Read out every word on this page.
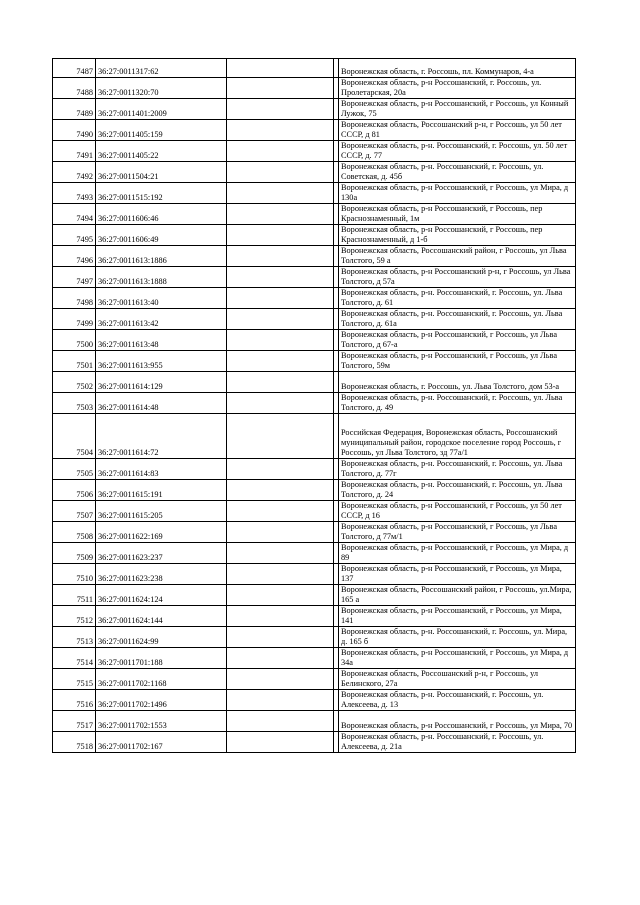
7487	36:27:0011317:62			Воронежская область, г. Россошь, пл. Коммунаров, 4-а
7488	36:27:0011320:70			Воронежская область, р-н Россошанский, г. Россошь, ул. Пролетарская, 20а
7489	36:27:0011401:2009			Воронежская область, р-н Россошанский, г Россошь, ул Конный Лужок, 75
7490	36:27:0011405:159			Воронежская область, Россошанский р-н, г Россошь, ул 50 лет СССР, д 81
7491	36:27:0011405:22			Воронежская область, р-н. Россошанский, г. Россошь, ул. 50 лет СССР, д. 77
7492	36:27:0011504:21			Воронежская область, р-н. Россошанский, г. Россошь, ул. Советская, д. 45б
7493	36:27:0011515:192			Воронежская область, р-н Россошанский, г Россошь, ул Мира, д 130а
7494	36:27:0011606:46			Воронежская область, р-н Россошанский, г Россошь, пер Краснознаменный, 1м
7495	36:27:0011606:49			Воронежская область, р-н Россошанский, г Россошь, пер Краснознаменный, д 1-б
7496	36:27:0011613:1886			Воронежская область, Россошанский район, г Россошь, ул Льва Толстого, 59 а
7497	36:27:0011613:1888			Воронежская область, р-н Россошанский р-н, г Россошь, ул Льва Толстого, д 57а
7498	36:27:0011613:40			Воронежская область, р-н. Россошанский, г. Россошь, ул. Льва Толстого, д. 61
7499	36:27:0011613:42			Воронежская область, р-н. Россошанский, г. Россошь, ул. Льва Толстого, д. 61а
7500	36:27:0011613:48			Воронежская область, р-н Россошанский, г Россошь, ул Льва Толстого, д 67-а
7501	36:27:0011613:955			Воронежская область, р-н Россошанский, г Россошь, ул Льва Толстого, 59м
7502	36:27:0011614:129			Воронежская область, г. Россошь, ул. Льва Толстого, дом 53-а
7503	36:27:0011614:48			Воронежская область, р-н. Россошанский, г. Россошь, ул. Льва Толстого, д. 49
7504	36:27:0011614:72			Российская Федерация, Воронежская область, Россошанский муниципальный район, городское поселение город Россошь, г Россошь, ул Льва Толстого, зд 77а/1
7505	36:27:0011614:83			Воронежская область, р-н. Россошанский, г. Россошь, ул. Льва Толстого, д. 77г
7506	36:27:0011615:191			Воронежская область, р-н. Россошанский, г. Россошь, ул. Льва Толстого, д. 24
7507	36:27:0011615:205			Воронежская область, р-н Россошанский, г Россошь, ул 50 лет СССР, д 16
7508	36:27:0011622:169			Воронежская область, р-н Россошанский, г Россошь, ул Льва Толстого, д 77м/1
7509	36:27:0011623:237			Воронежская область, р-н Россошанский, г Россошь, ул Мира, д 89
7510	36:27:0011623:238			Воронежская область, р-н Россошанский, г Россошь, ул Мира, 137
7511	36:27:0011624:124			Воронежская область, Россошанский район, г Россошь, ул.Мира, 165 а
7512	36:27:0011624:144			Воронежская область, р-н Россошанский, г Россошь, ул Мира, 141
7513	36:27:0011624:99			Воронежская область, р-н. Россошанский, г. Россошь, ул. Мира, д. 165 б
7514	36:27:0011701:188			Воронежская область, р-н Россошанский, г Россошь, ул Мира, д 34а
7515	36:27:0011702:1168			Воронежская область, Россошанский р-н, г Россошь, ул Белинского, 27а
7516	36:27:0011702:1496			Воронежская область, р-н. Россошанский, г. Россошь, ул. Алексеева, д. 13
7517	36:27:0011702:1553			Воронежская область, р-н Россошанский, г Россошь, ул Мира, 70
7518	36:27:0011702:167			Воронежская область, р-н. Россошанский, г. Россошь, ул. Алексеева, д. 21а
